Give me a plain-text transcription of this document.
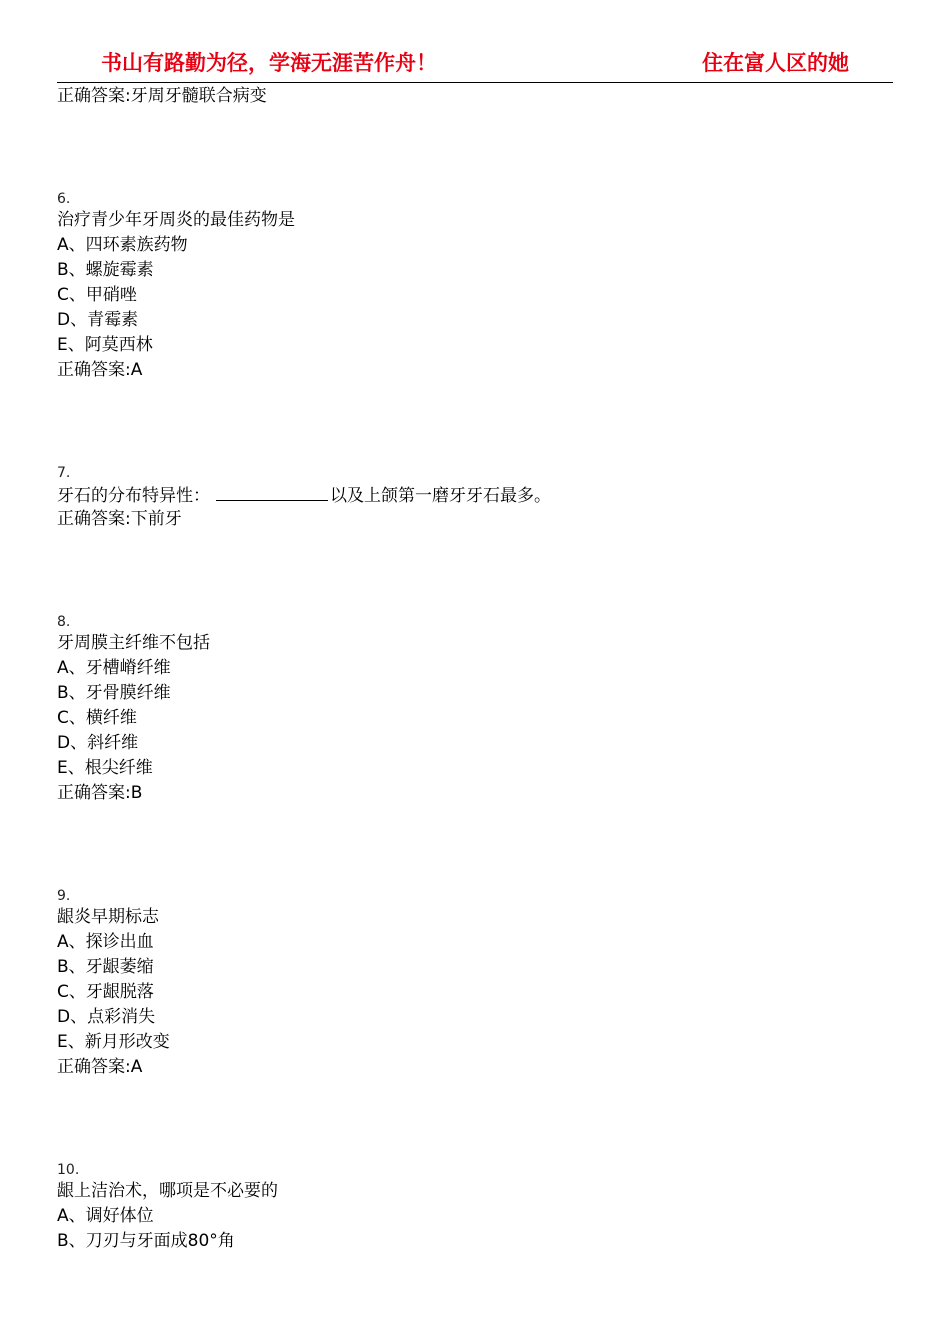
书山有路勤为径，学海无涯苦作舟！	住在富人区的她
正确答案:牙周牙髓联合病变
6.
治疗青少年牙周炎的最佳药物是
A、四环素族药物
B、螺旋霉素
C、甲硝唑
D、青霉素
E、阿莫西林
正确答案:A
7.
牙石的分布特异性：	以及上颌第一磨牙牙石最多。
正确答案:下前牙
8.
牙周膜主纤维不包括
A、牙槽嵴纤维
B、牙骨膜纤维
C、横纤维
D、斜纤维
E、根尖纤维
正确答案:B
9.
龈炎早期标志
A、探诊出血
B、牙龈萎缩
C、牙龈脱落
D、点彩消失
E、新月形改变
正确答案:A
10.
龈上洁治术，哪项是不必要的
A、调好体位
B、刀刃与牙面成80°角
